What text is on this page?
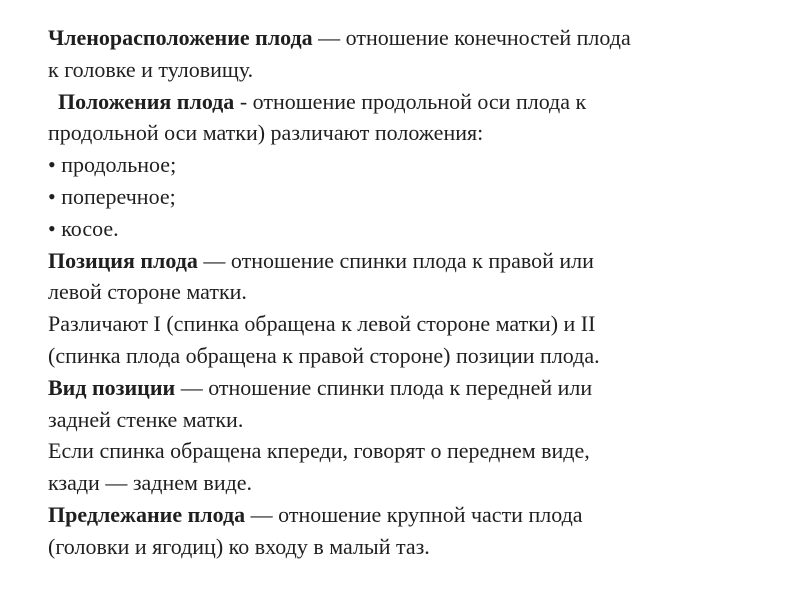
Членорасположение плода — отношение конечностей плода
к головке и туловищу.
Положения плода - отношение продольной оси плода к
продольной оси матки) различают положения:
• продольное;
• поперечное;
• косое.
Позиция плода — отношение спинки плода к правой или
левой стороне матки.
Различают I (спинка обращена к левой стороне матки) и II
(спинка плода обращена к правой стороне) позиции плода.
Вид позиции — отношение спинки плода к передней или
задней стенке матки.
Если спинка обращена кпереди, говорят о переднем виде,
кзади — заднем виде.
Предлежание плода — отношение крупной части плода
(головки и ягодиц) ко входу в малый таз.
